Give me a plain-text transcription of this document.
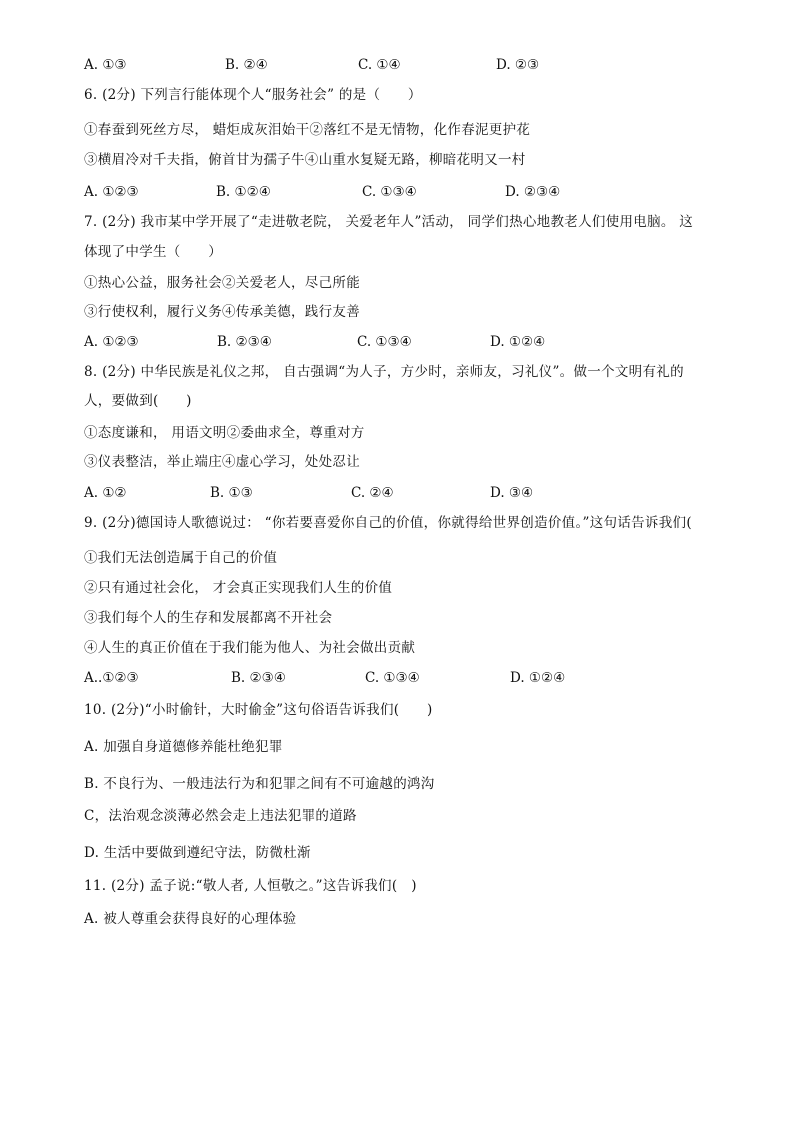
A. ①③	B. ②④	C. ①④	D. ②③
6. (2分) 下列言行能体现个人“服务社会” 的是（　　）
①春蚕到死丝方尽， 蜡炬成灰泪始干②落红不是无情物，化作春泥更护花
③横眉冷对千夫指，俯首甘为孺子牛④山重水复疑无路，柳暗花明又一村
A. ①②③	B. ①②④	C. ①③④	D. ②③④
7. (2分) 我市某中学开展了“走进敬老院， 关爱老年人”活动， 同学们热心地教老人们使用电脑。 这
体现了中学生（　　）
①热心公益，服务社会②关爱老人，尽己所能
③行使权利，履行义务④传承美德，践行友善
A. ①②③	B. ②③④	C. ①③④	D. ①②④
8. (2分) 中华民族是礼仪之邦， 自古强调“为人子，方少时，亲师友，习礼仪”。做一个文明有礼的
人，要做到(　　)
①态度谦和， 用语文明②委曲求全，尊重对方
③仪表整洁，举止端庄④虚心学习，处处忍让
A. ①②	B. ①③	C. ②④	D. ③④
9. (2分)德国诗人歌德说过： “你若要喜爱你自己的价值，你就得给世界创造价值。”这句话告诉我们(
①我们无法创造属于自己的价值
②只有通过社会化， 才会真正实现我们人生的价值
③我们每个人的生存和发展都离不开社会
④人生的真正价值在于我们能为他人、为社会做出贡献
A..①②③	B. ②③④	C. ①③④	D. ①②④
10. (2分)“小时偷针，大时偷金”这句俗语告诉我们(　　)
A. 加强自身道德修养能杜绝犯罪
B. 不良行为、一般违法行为和犯罪之间有不可逾越的鸿沟
C，法治观念淡薄必然会走上违法犯罪的道路
D. 生活中要做到遵纪守法，防微杜渐
11. (2分) 孟子说:“敬人者, 人恒敬之。”这告诉我们(　)
A. 被人尊重会获得良好的心理体验
